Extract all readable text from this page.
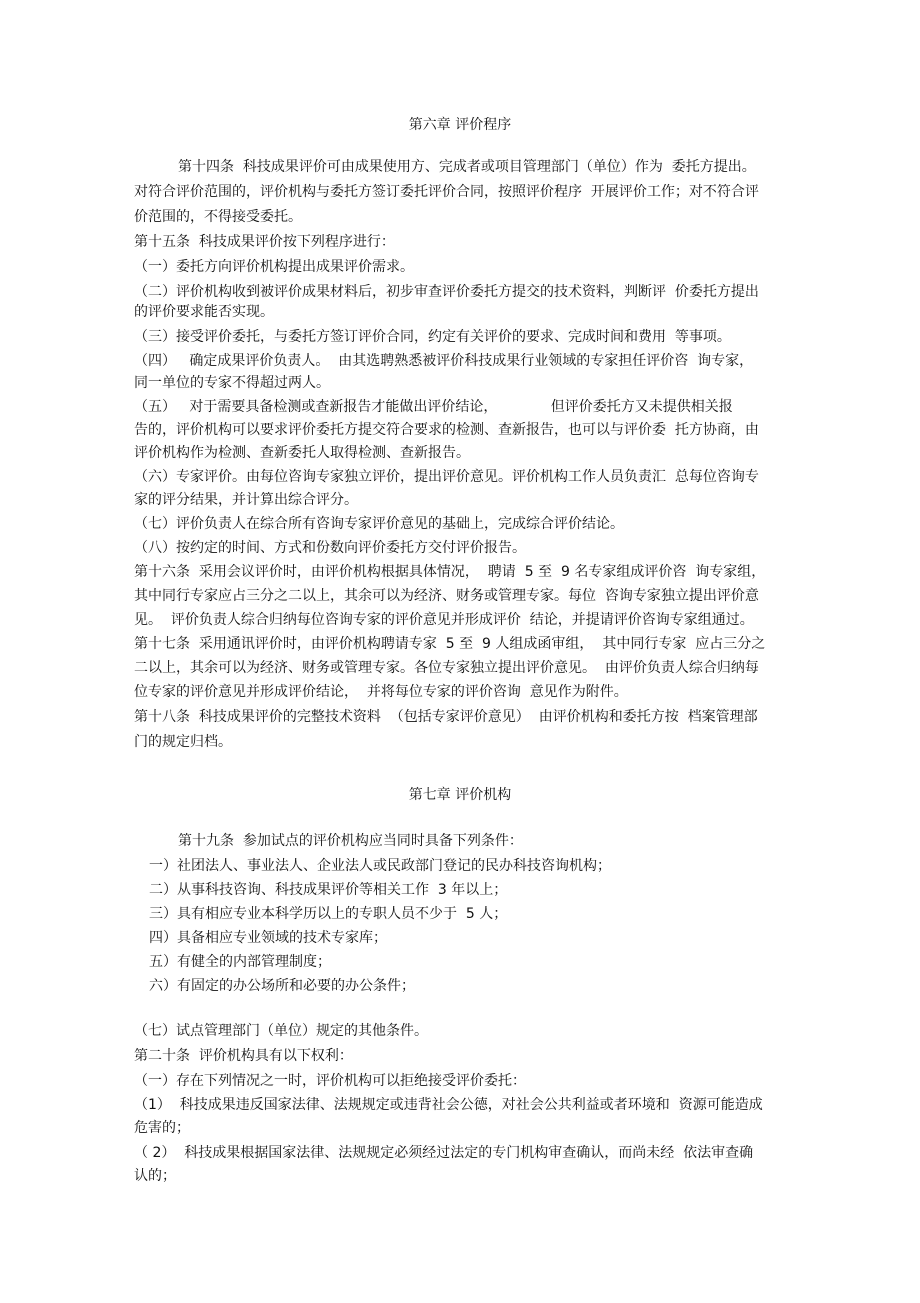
第六章 评价程序
第十四条  科技成果评价可由成果使用方、完成者或项目管理部门（单位）作为  委托方提出。
对符合评价范围的，评价机构与委托方签订委托评价合同，按照评价程序  开展评价工作；对不符合评
价范围的，不得接受委托。
第十五条  科技成果评价按下列程序进行：
（一）委托方向评价机构提出成果评价需求。
（二）评价机构收到被评价成果材料后，初步审查评价委托方提交的技术资料，判断评  价委托方提出
的评价要求能否实现。
（三）接受评价委托，与委托方签订评价合同，约定有关评价的要求、完成时间和费用  等事项。
（四）   确定成果评价负责人。  由其选聘熟悉被评价科技成果行业领域的专家担任评价咨  询专家，
同一单位的专家不得超过两人。
（五）   对于需要具备检测或查新报告才能做出评价结论，            但评价委托方又未提供相关报
告的，评价机构可以要求评价委托方提交符合要求的检测、查新报告，也可以与评价委  托方协商，由
评价机构作为检测、查新委托人取得检测、查新报告。
（六）专家评价。由每位咨询专家独立评价，提出评价意见。评价机构工作人员负责汇  总每位咨询专
家的评分结果，并计算出综合评分。
（七）评价负责人在综合所有咨询专家评价意见的基础上，完成综合评价结论。
（八）按约定的时间、方式和份数向评价委托方交付评价报告。
第十六条  采用会议评价时，由评价机构根据具体情况，  聘请  5 至  9 名专家组成评价咨  询专家组，
其中同行专家应占三分之二以上，其余可以为经济、财务或管理专家。每位  咨询专家独立提出评价意
见。  评价负责人综合归纳每位咨询专家的评价意见并形成评价  结论，并提请评价咨询专家组通过。
第十七条  采用通讯评价时，由评价机构聘请专家  5 至  9 人组成函审组，  其中同行专家  应占三分之
二以上，其余可以为经济、财务或管理专家。各位专家独立提出评价意见。  由评价负责人综合归纳每
位专家的评价意见并形成评价结论，  并将每位专家的评价咨询  意见作为附件。
第十八条  科技成果评价的完整技术资料  （包括专家评价意见）  由评价机构和委托方按  档案管理部
门的规定归档。
第七章 评价机构
第十九条  参加试点的评价机构应当同时具备下列条件：
一）社团法人、事业法人、企业法人或民政部门登记的民办科技咨询机构；
二）从事科技咨询、科技成果评价等相关工作  3 年以上；
三）具有相应专业本科学历以上的专职人员不少于  5 人；
四）具备相应专业领域的技术专家库；
五）有健全的内部管理制度；
六）有固定的办公场所和必要的办公条件；
（七）试点管理部门（单位）规定的其他条件。
第二十条  评价机构具有以下权利：
（一）存在下列情况之一时，评价机构可以拒绝接受评价委托：
（1）  科技成果违反国家法律、法规规定或违背社会公德，对社会公共利益或者环境和  资源可能造成
危害的；
（ 2）  科技成果根据国家法律、法规规定必须经过法定的专门机构审查确认，而尚未经  依法审查确
认的；
